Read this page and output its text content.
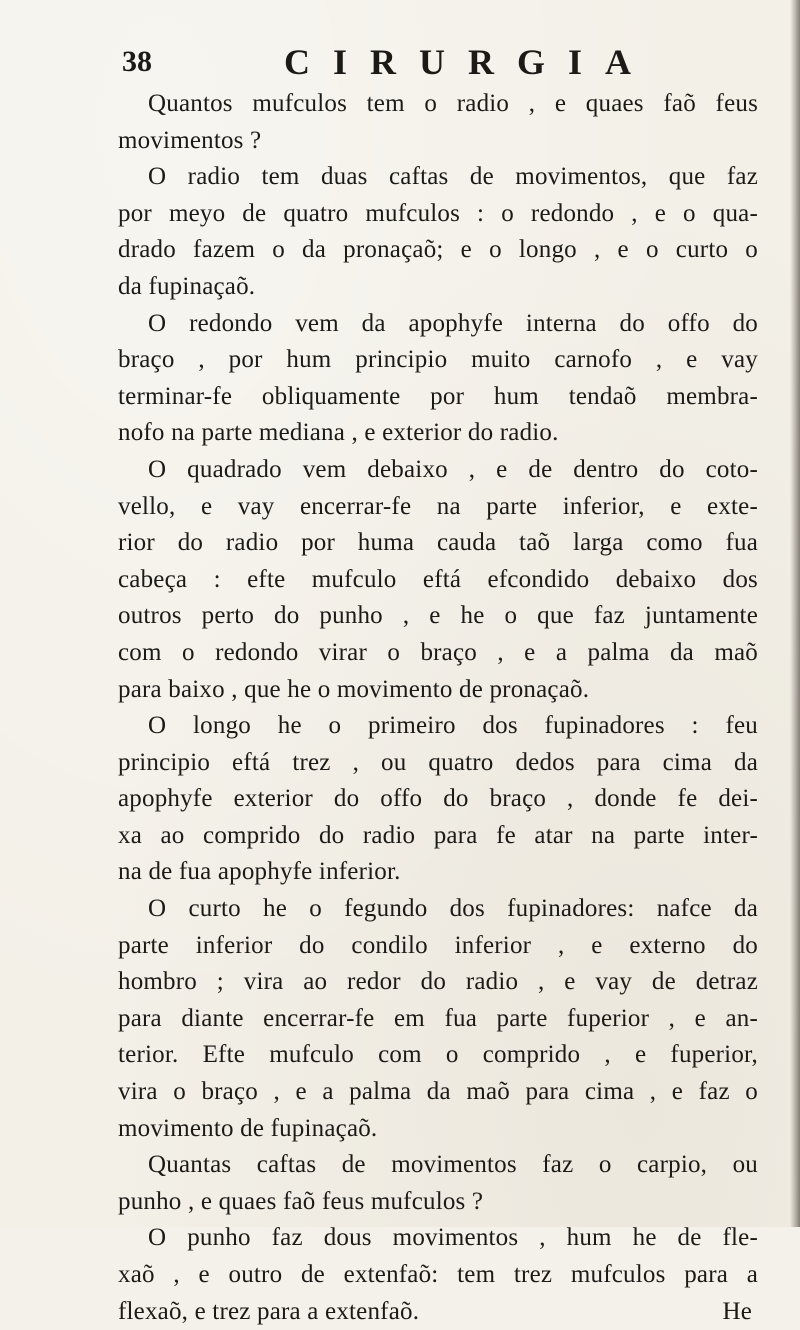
38	CIRURGIA
Quantos mufculos tem o radio , e quaes faõ feus
movimentos ?
O radio tem duas caftas de movimentos, que faz
por meyo de quatro mufculos : o redondo , e o qua-
drado fazem o da pronaçaõ; e o longo , e o curto o
da fupinaçaõ.
O redondo vem da apophyfe interna do offo do
braço , por hum principio muito carnofo , e vay
terminar-fe obliquamente por hum tendaõ membra-
nofo na parte mediana , e exterior do radio.
O quadrado vem debaixo , e de dentro do coto-
vello, e vay encerrar-fe na parte inferior, e exte-
rior do radio por huma cauda taõ larga como fua
cabeça : efte mufculo eftá efcondido debaixo dos
outros perto do punho , e he o que faz juntamente
com o redondo virar o braço , e a palma da maõ
para baixo , que he o movimento de pronaçaõ.
O longo he o primeiro dos fupinadores : feu
principio eftá trez , ou quatro dedos para cima da
apophyfe exterior do offo do braço , donde fe dei-
xa ao comprido do radio para fe atar na parte inter-
na de fua apophyfe inferior.
O curto he o fegundo dos fupinadores: nafce da
parte inferior do condilo inferior , e externo do
hombro ; vira ao redor do radio , e vay de detraz
para diante encerrar-fe em fua parte fuperior , e an-
terior. Efte mufculo com o comprido , e fuperior,
vira o braço , e a palma da maõ para cima , e faz o
movimento de fupinaçaõ.
Quantas caftas de movimentos faz o carpio, ou
punho , e quaes faõ feus mufculos ?
O punho faz dous movimentos , hum he de fle-
xaõ , e outro de extenfaõ: tem trez mufculos para a
flexaõ, e trez para a extenfaõ.	He
